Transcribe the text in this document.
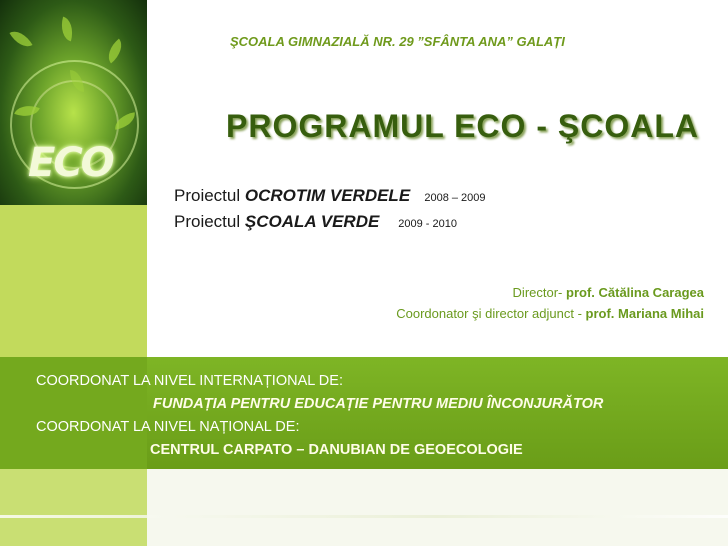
ECO
ŞCOALA GIMNAZIALĂ NR. 29 ”SFÂNTA ANA” GALAȚI
PROGRAMUL ECO - ŞCOALA
Proiectul OCROTIM VERDELE 2008 – 2009
Proiectul ŞCOALA VERDE 2009 - 2010
Director- prof. Cătălina Caragea
Coordonator şi director adjunct - prof. Mariana Mihai
COORDONAT LA NIVEL INTERNAȚIONAL DE:
FUNDAȚIA PENTRU EDUCAȚIE PENTRU MEDIU ÎNCONJURĂTOR
COORDONAT LA NIVEL NAȚIONAL DE:
CENTRUL CARPATO – DANUBIAN DE GEOECOLOGIE
